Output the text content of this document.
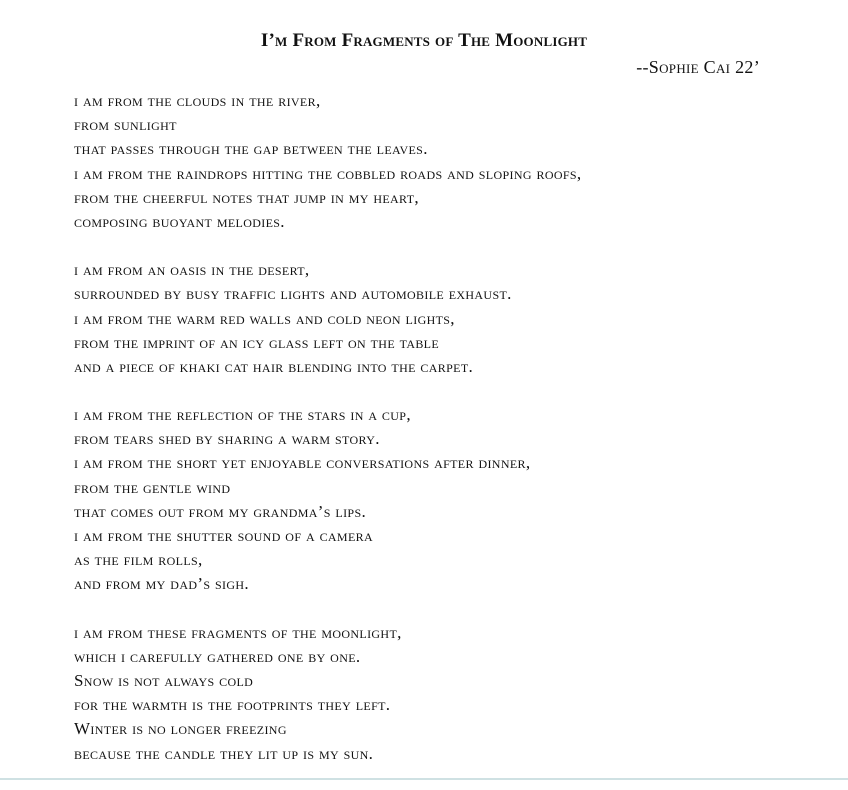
I’m From Fragments of The Moonlight
--Sophie Cai 22’
i am from the clouds in the river,
from sunlight
that passes through the gap between the leaves.
i am from the raindrops hitting the cobbled roads and sloping roofs,
from the cheerful notes that jump in my heart,
composing buoyant melodies.
i am from an oasis in the desert,
surrounded by busy traffic lights and automobile exhaust.
i am from the warm red walls and cold neon lights,
from the imprint of an icy glass left on the table
and a piece of khaki cat hair blending into the carpet.
i am from the reflection of the stars in a cup,
from tears shed by sharing a warm story.
i am from the short yet enjoyable conversations after dinner,
from the gentle wind
that comes out from my grandma’s lips.
i am from the shutter sound of a camera
as the film rolls,
and from my dad’s sigh.
i am from these fragments of the moonlight,
which i carefully gathered one by one.
Snow is not always cold
for the warmth is the footprints they left.
Winter is no longer freezing
because the candle they lit up is my sun.
